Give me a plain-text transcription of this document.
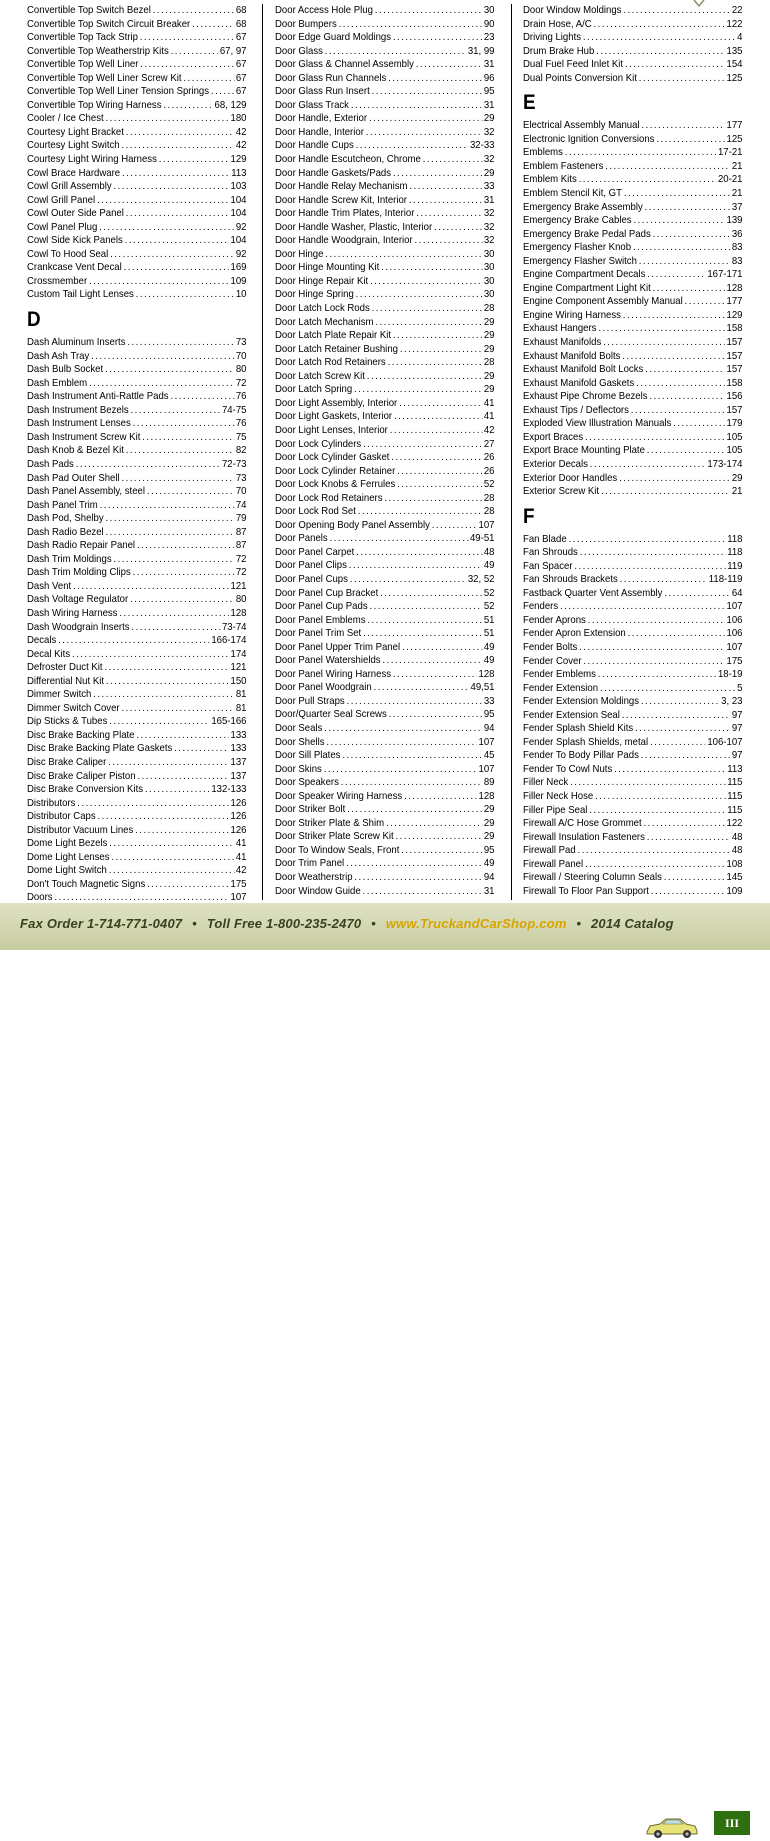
Convertible Top Switch Bezel .....	68
Convertible Top Switch Circuit Breaker .....	68
Convertible Top Tack Strip .....	67
Convertible Top Weatherstrip Kits .....	67, 97
Convertible Top Well Liner .....	67
Convertible Top Well Liner Screw Kit .....	67
Convertible Top Well Liner Tension Springs .....	67
Convertible Top Wiring Harness .....	68, 129
Cooler / Ice Chest .....	180
Courtesy Light Bracket .....	42
Courtesy Light Switch .....	42
Courtesy Light Wiring Harness .....	129
Cowl Brace Hardware .....	113
Cowl Grill Assembly .....	103
Cowl Grill Panel .....	104
Cowl Outer Side Panel .....	104
Cowl Panel Plug .....	92
Cowl Side Kick Panels .....	104
Cowl To Hood Seal .....	92
Crankcase Vent Decal .....	169
Crossmember .....	109
Custom Tail Light Lenses .....	10
D
Dash Aluminum Inserts .....	73
Dash Ash Tray .....	70
Dash Bulb Socket .....	80
Dash Emblem .....	72
Dash Instrument Anti-Rattle Pads .....	76
Dash Instrument Bezels .....	74-75
Dash Instrument Lenses .....	76
Dash Instrument Screw Kit .....	75
Dash Knob & Bezel Kit .....	82
Dash Pads .....	72-73
Dash Pad Outer Shell .....	73
Dash Panel Assembly, steel .....	70
Dash Panel Trim .....	74
Dash Pod, Shelby .....	79
Dash Radio Bezel .....	87
Dash Radio Repair Panel .....	87
Dash Trim Moldings .....	72
Dash Trim Molding Clips .....	72
Dash Vent .....	121
Dash Voltage Regulator .....	80
Dash Wiring Harness .....	128
Dash Woodgrain Inserts .....	73-74
Decals .....	166-174
Decal Kits .....	174
Defroster Duct Kit .....	121
Differential Nut Kit .....	150
Dimmer Switch .....	81
Dimmer Switch Cover .....	81
Dip Sticks & Tubes .....	165-166
Disc Brake Backing Plate .....	133
Disc Brake Backing Plate Gaskets .....	133
Disc Brake Caliper .....	137
Disc Brake Caliper Piston .....	137
Disc Brake Conversion Kits .....	132-133
Distributors .....	126
Distributor Caps .....	126
Distributor Vacuum Lines .....	126
Dome Light Bezels .....	41
Dome Light Lenses .....	41
Dome Light Switch .....	42
Don't Touch Magnetic Signs .....	175
Doors .....	107
Door Access Hole Plug .....	30
Door Bumpers .....	90
Door Edge Guard Moldings .....	23
Door Glass .....	31, 99
Door Glass & Channel Assembly .....	31
Door Glass Run Channels .....	96
Door Glass Run Insert .....	95
Door Glass Track .....	31
Door Handle, Exterior .....	29
Door Handle, Interior .....	32
Door Handle Cups .....	32-33
Door Handle Escutcheon, Chrome .....	32
Door Handle Gaskets/Pads .....	29
Door Handle Relay Mechanism .....	33
Door Handle Screw Kit, Interior .....	31
Door Handle Trim Plates, Interior .....	32
Door Handle Washer, Plastic, Interior .....	32
Door Handle Woodgrain, Interior .....	32
Door Hinge .....	30
Door Hinge Mounting Kit .....	30
Door Hinge Repair Kit .....	30
Door Hinge Spring .....	30
Door Latch Lock Rods .....	28
Door Latch Mechanism .....	29
Door Latch Plate Repair Kit .....	29
Door Latch Retainer Bushing .....	29
Door Latch Rod Retainers .....	28
Door Latch Screw Kit .....	29
Door Latch Spring .....	29
Door Light Assembly, Interior .....	41
Door Light Gaskets, Interior .....	41
Door Light Lenses, Interior .....	42
Door Lock Cylinders .....	27
Door Lock Cylinder Gasket .....	26
Door Lock Cylinder Retainer .....	26
Door Lock Knobs & Ferrules .....	52
Door Lock Rod Retainers .....	28
Door Lock Rod Set .....	28
Door Opening Body Panel Assembly .....	107
Door Panels .....	49-51
Door Panel Carpet .....	48
Door Panel Clips .....	49
Door Panel Cups .....	32, 52
Door Panel Cup Bracket .....	52
Door Panel Cup Pads .....	52
Door Panel Emblems .....	51
Door Panel Trim Set .....	51
Door Panel Upper Trim Panel .....	49
Door Panel Watershields .....	49
Door Panel Wiring Harness .....	128
Door Panel Woodgrain .....	49,51
Door Pull Straps .....	33
Door/Quarter Seal Screws .....	95
Door Seals .....	94
Door Shells .....	107
Door Sill Plates .....	45
Door Skins .....	107
Door Speakers .....	89
Door Speaker Wiring Harness .....	128
Door Striker Bolt .....	29
Door Striker Plate & Shim .....	29
Door Striker Plate Screw Kit .....	29
Door To Window Seals, Front .....	95
Door Trim Panel .....	49
Door Weatherstrip .....	94
Door Window Guide .....	31
Door Window Moldings .....	22
Drain Hose, A/C .....	122
Driving Lights .....	4
Drum Brake Hub .....	135
Dual Fuel Feed Inlet Kit .....	154
Dual Points Conversion Kit .....	125
E
Electrical Assembly Manual .....	177
Electronic Ignition Conversions .....	125
Emblems .....	17-21
Emblem Fasteners .....	21
Emblem Kits .....	20-21
Emblem Stencil Kit, GT .....	21
Emergency Brake Assembly .....	37
Emergency Brake Cables .....	139
Emergency Brake Pedal Pads .....	36
Emergency Flasher Knob .....	83
Emergency Flasher Switch .....	83
Engine Compartment Decals .....	167-171
Engine Compartment Light Kit .....	128
Engine Component Assembly Manual .....	177
Engine Wiring Harness .....	129
Exhaust Hangers .....	158
Exhaust Manifolds .....	157
Exhaust Manifold Bolts .....	157
Exhaust Manifold Bolt Locks .....	157
Exhaust Manifold Gaskets .....	158
Exhaust Pipe Chrome Bezels .....	156
Exhaust Tips / Deflectors .....	157
Exploded View Illustration Manuals .....	179
Export Braces .....	105
Export Brace Mounting Plate .....	105
Exterior Decals .....	173-174
Exterior Door Handles .....	29
Exterior Screw Kit .....	21
F
Fan Blade .....	118
Fan Shrouds .....	118
Fan Spacer .....	119
Fan Shrouds Brackets .....	118-119
Fastback Quarter Vent Assembly .....	64
Fenders .....	107
Fender Aprons .....	106
Fender Apron Extension .....	106
Fender Bolts .....	107
Fender Cover .....	175
Fender Emblems .....	18-19
Fender Extension .....	5
Fender Extension Moldings .....	3, 23
Fender Extension Seal .....	97
Fender Splash Shield Kits .....	97
Fender Splash Shields, metal .....	106-107
Fender To Body Pillar Pads .....	97
Fender To Cowl Nuts .....	113
Filler Neck .....	115
Filler Neck Hose .....	115
Filler Pipe Seal .....	115
Firewall A/C Hose Grommet .....	122
Firewall Insulation Fasteners .....	48
Firewall Pad .....	48
Firewall Panel .....	108
Firewall / Steering Column Seals .....	145
Firewall To Floor Pan Support .....	109
Fax Order 1-714-771-0407 • Toll Free 1-800-235-2470 • www.TruckandCarShop.com • 2014 Catalog
III
